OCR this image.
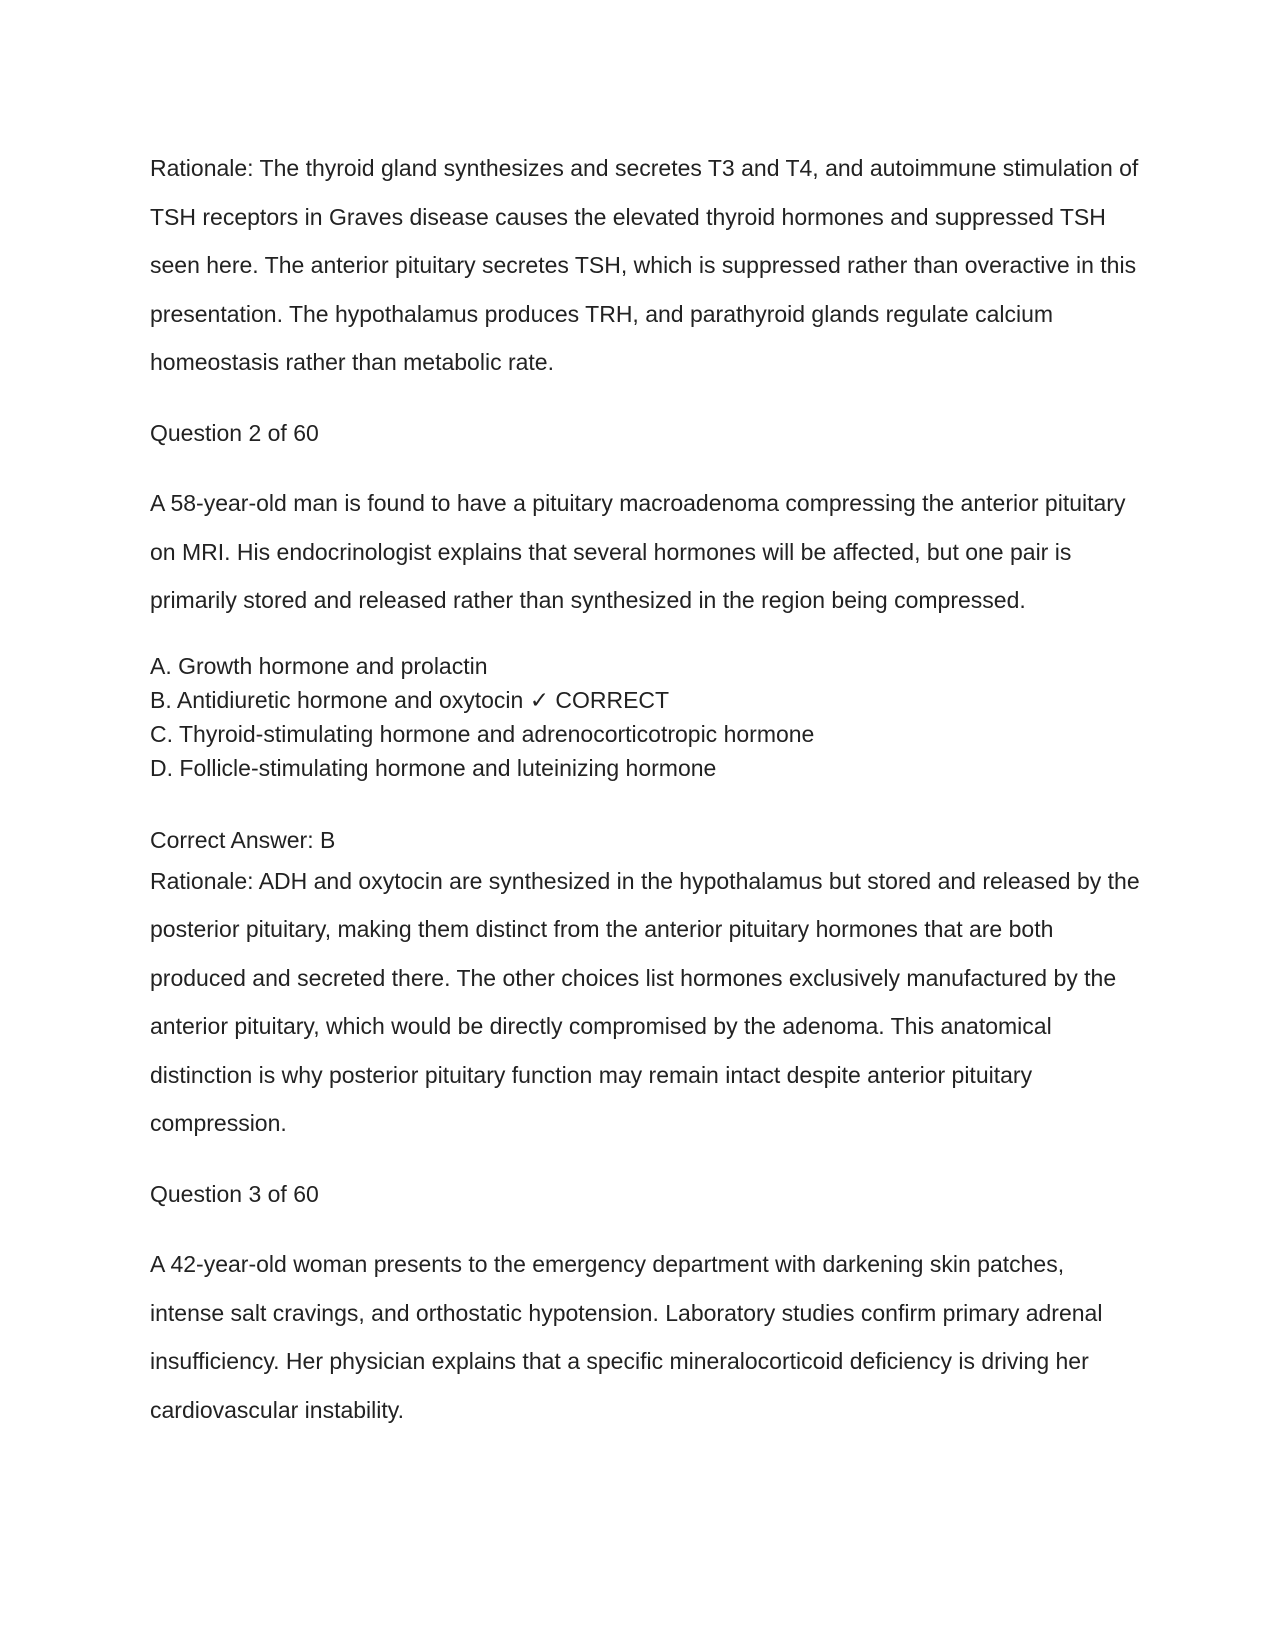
Rationale: The thyroid gland synthesizes and secretes T3 and T4, and autoimmune stimulation of TSH receptors in Graves disease causes the elevated thyroid hormones and suppressed TSH seen here. The anterior pituitary secretes TSH, which is suppressed rather than overactive in this presentation. The hypothalamus produces TRH, and parathyroid glands regulate calcium homeostasis rather than metabolic rate.

Question 2 of 60

A 58-year-old man is found to have a pituitary macroadenoma compressing the anterior pituitary on MRI. His endocrinologist explains that several hormones will be affected, but one pair is primarily stored and released rather than synthesized in the region being compressed.

A. Growth hormone and prolactin
B. Antidiuretic hormone and oxytocin ✓ CORRECT
C. Thyroid-stimulating hormone and adrenocorticotropic hormone
D. Follicle-stimulating hormone and luteinizing hormone

Correct Answer: B

Rationale: ADH and oxytocin are synthesized in the hypothalamus but stored and released by the posterior pituitary, making them distinct from the anterior pituitary hormones that are both produced and secreted there. The other choices list hormones exclusively manufactured by the anterior pituitary, which would be directly compromised by the adenoma. This anatomical distinction is why posterior pituitary function may remain intact despite anterior pituitary compression.

Question 3 of 60

A 42-year-old woman presents to the emergency department with darkening skin patches, intense salt cravings, and orthostatic hypotension. Laboratory studies confirm primary adrenal insufficiency. Her physician explains that a specific mineralocorticoid deficiency is driving her cardiovascular instability.
